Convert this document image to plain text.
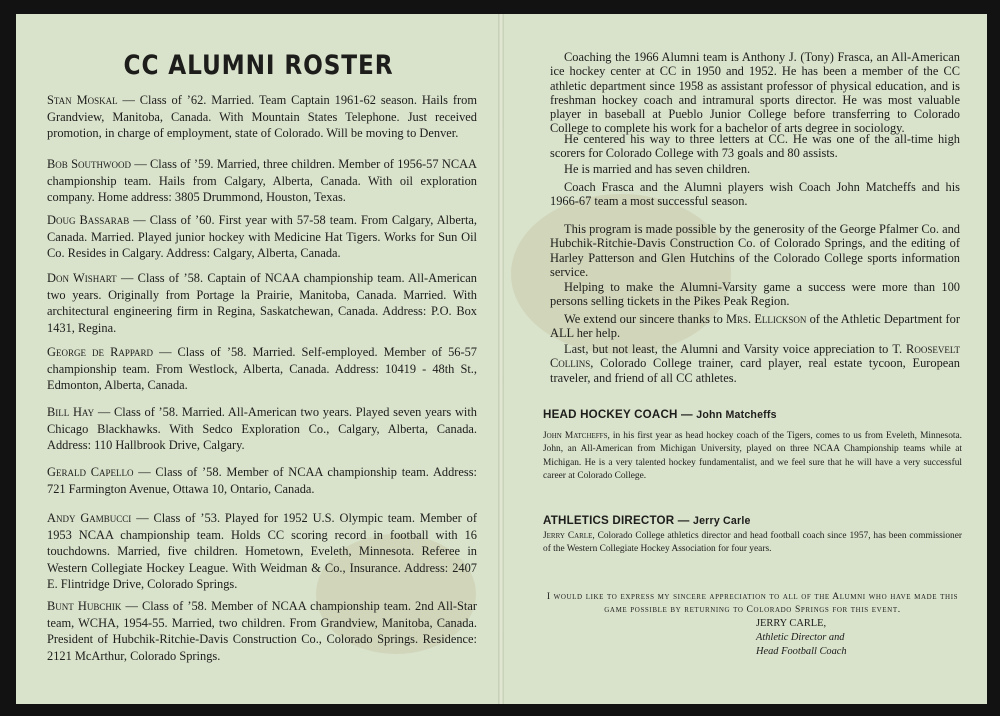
CC ALUMNI ROSTER
Stan Moskal — Class of ’62. Married. Team Captain 1961-62 season. Hails from Grandview, Manitoba, Canada. With Mountain States Telephone. Just received promotion, in charge of employment, state of Colorado. Will be moving to Denver.
Bob Southwood — Class of ’59. Married, three children. Member of 1956-57 NCAA championship team. Hails from Calgary, Alberta, Canada. With oil exploration company. Home address: 3805 Drummond, Houston, Texas.
Doug Bassarab — Class of ’60. First year with 57-58 team. From Calgary, Alberta, Canada. Married. Played junior hockey with Medicine Hat Tigers. Works for Sun Oil Co. Resides in Calgary. Address: Calgary, Alberta, Canada.
Don Wishart — Class of ’58. Captain of NCAA championship team. All-American two years. Originally from Portage la Prairie, Manitoba, Canada. Married. With architectural engineering firm in Regina, Saskatchewan, Canada. Address: P.O. Box 1431, Regina.
George de Rappard — Class of ’58. Married. Self-employed. Member of 56-57 championship team. From Westlock, Alberta, Canada. Address: 10419 - 48th St., Edmonton, Alberta, Canada.
Bill Hay — Class of ’58. Married. All-American two years. Played seven years with Chicago Blackhawks. With Sedco Exploration Co., Calgary, Alberta, Canada. Address: 110 Hallbrook Drive, Calgary.
Gerald Capello — Class of ’58. Member of NCAA championship team. Address: 721 Farmington Avenue, Ottawa 10, Ontario, Canada.
Andy Gambucci — Class of ’53. Played for 1952 U.S. Olympic team. Member of 1953 NCAA championship team. Holds CC scoring record in football with 16 touchdowns. Married, five children. Hometown, Eveleth, Minnesota. Referee in Western Collegiate Hockey League. With Weidman & Co., Insurance. Address: 2407 E. Flintridge Drive, Colorado Springs.
Bunt Hubchik — Class of ’58. Member of NCAA championship team. 2nd All-Star team, WCHA, 1954-55. Married, two children. From Grandview, Manitoba, Canada. President of Hubchik-Ritchie-Davis Construction Co., Colorado Springs. Residence: 2121 McArthur, Colorado Springs.
Coaching the 1966 Alumni team is Anthony J. (Tony) Frasca, an All-American ice hockey center at CC in 1950 and 1952. He has been a member of the CC athletic department since 1958 as assistant professor of physical education, and is freshman hockey coach and intramural sports director. He was most valuable player in baseball at Pueblo Junior College before transferring to Colorado College to complete his work for a bachelor of arts degree in sociology.
He centered his way to three letters at CC. He was one of the all-time high scorers for Colorado College with 73 goals and 80 assists.
He is married and has seven children.
Coach Frasca and the Alumni players wish Coach John Matcheffs and his 1966-67 team a most successful season.
This program is made possible by the generosity of the George Pfalmer Co. and Hubchik-Ritchie-Davis Construction Co. of Colorado Springs, and the editing of Harley Patterson and Glen Hutchins of the Colorado College sports information service.
Helping to make the Alumni-Varsity game a success were more than 100 persons selling tickets in the Pikes Peak Region.
We extend our sincere thanks to Mrs. Ellickson of the Athletic Department for ALL her help.
Last, but not least, the Alumni and Varsity voice appreciation to T. Roosevelt Collins, Colorado College trainer, card player, real estate tycoon, European traveler, and friend of all CC athletes.
HEAD HOCKEY COACH — John Matcheffs
John Matcheffs, in his first year as head hockey coach of the Tigers, comes to us from Eveleth, Minnesota. John, an All-American from Michigan University, played on three NCAA Championship teams while at Michigan. He is a very talented hockey fundamentalist, and we feel sure that he will have a very successful career at Colorado College.
ATHLETICS DIRECTOR — Jerry Carle
Jerry Carle, Colorado College athletics director and head football coach since 1957, has been commissioner of the Western Collegiate Hockey Association for four years.
I would like to express my sincere appreciation to all of the Alumni who have made this game possible by returning to Colorado Springs for this event.
JERRY CARLE,
Athletic Director and
Head Football Coach
